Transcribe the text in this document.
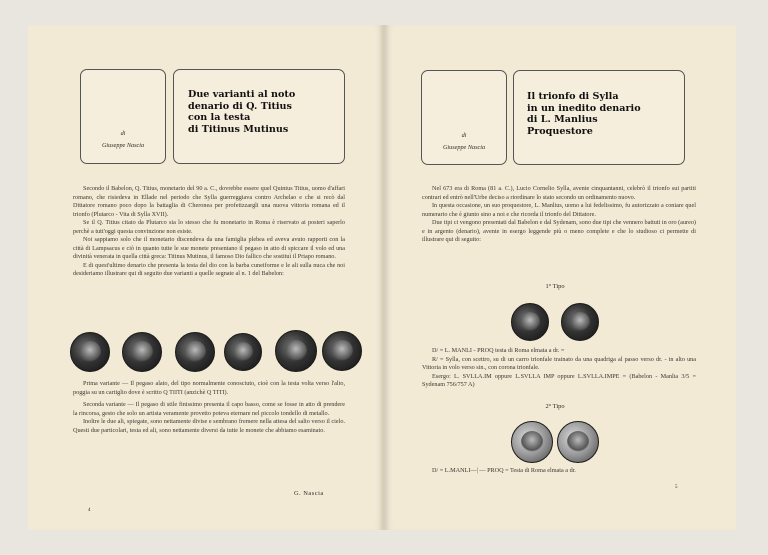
di
Giuseppe Nascia
Due varianti al noto
denario di Q. Titius
con la testa
di Titinus Mutinus

Secondo il Babelon, Q. Titius, monetario del 90 a. C., dovrebbe essere quel Quintus Titius, uomo d'affari romano, che risiedeva in Ellade nel periodo che Sylla guerreggiava contro Archelao e che si recò dal Dittatore romano poco dopo la battaglia di Cheronea per profetizzargli una nuova vittoria romana ed il trionfo (Plutarco - Vita di Sylla XVII).

Se il Q. Titius citato da Plutarco sia lo stesso che fu monetario in Roma è riservato ai posteri saperlo perchè a tutt'oggi questa convinzione non esiste.

Noi sappiamo solo che il monetario discendeva da una famiglia plebea ed aveva avuto rapporti con la città di Lampsacus e ciò in quanto tutte le sue monete presentano il pegaso in atto di spiccare il volo ed una divinità venerata in quella città greca: Titinus Mutinus, il famoso Dio fallico che sostituì il Priapo romano.

E di quest'ultimo denario che presenta la testa del dio con la barba cuneiforme e le ali sulla nuca che noi desideriamo illustrare qui di seguito due varianti a quelle segnate al n. 1 del Babelon:

Prima variante — Il pegaso alato, del tipo normalmente conosciuto, cioè con la testa volta verso l'alto, poggia su un cartiglio dove è scritto Q TIITI (anzichè Q TITI).

Seconda variante — Il pegaso di stile finissimo presenta il capo basso, come se fosse in atto di prendere la rincorsa, gesto che solo un artista veramente provetto poteva eternare nel piccolo tondello di metallo.

Inoltre le due ali, spiegate, sono nettamente divise e sembrano fremere nella attesa del salto verso il cielo. Questi due particolari, testa ed ali, sono nettamente diversi da tutte le monete che abbiamo esaminato.

G. Nascia
4
di
Giuseppe Nascia
Il trionfo di Sylla
in un inedito denario
di L. Manlius
Proquestore

Nel 673 era di Roma (81 a. C.), Lucio Cornelio Sylla, avente cinquantanni, celebrò il trionfo sui partiti contrari ed entrò nell'Urbe deciso a riordinare lo stato secondo un ordinamento nuovo.

In questa occasione, un suo proquestore, L. Manlius, uomo a lui fedelissimo, fu autorizzato a coniare quel numerario che è giunto sino a noi e che ricorda il trionfo del Dittatore.

Due tipi ci vengono presentati dal Babelon e dal Sydenam, sono due tipi che vennero battuti in oro (aureo) e in argento (denario), avente in esergo leggende più o meno complete e che lo studioso ci permette di illustrare qui di seguito:

1° Tipo

D/ = L. MANLI - PROQ testa di Roma elmata a dr. =

R/ = Sylla, con scettro, su di un carro trionfale trainato da una quadriga al passo verso dr. - in alto una Vittoria in volo verso sin., con corona trionfale.

Esergo: L. SVLLA.IM oppure L.SVLLA IMP oppure L.SVLLA.IMPE = (Babelon - Manlia 3/5 = Sydenam 756/757 A)

2° Tipo

D/ = L.MANLI—| — PROQ = Testa di Roma elmata a dr.

5
